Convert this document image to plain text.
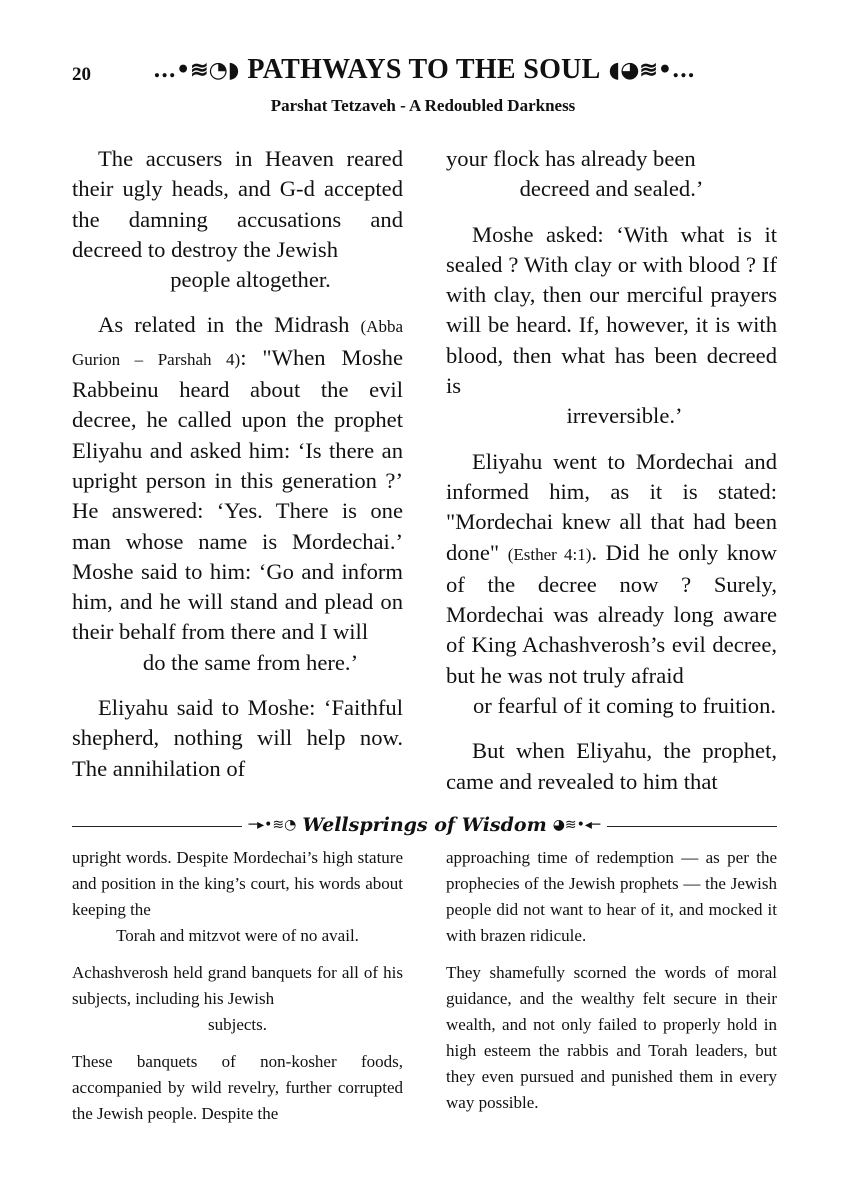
20	...•≋◔◗ PATHWAYS TO THE SOUL ◖◕≋•...
Parshat Tetzaveh - A Redoubled Darkness

The accusers in Heaven reared their ugly heads, and G-d accepted the damning accusations and decreed to destroy the Jewish

people altogether.

As related in the Midrash (Abba Gurion – Parshah 4): "When Moshe Rabbeinu heard about the evil decree, he called upon the prophet Eliyahu and asked him: ‘Is there an upright person in this generation ?’ He answered: ‘Yes. There is one man whose name is Mordechai.’ Moshe said to him: ‘Go and inform him, and he will stand and plead on their behalf from there and I will

do the same from here.’

Eliyahu said to Moshe: ‘Faithful shepherd, nothing will help now. The annihilation of

your flock has already been

decreed and sealed.’

Moshe asked: ‘With what is it sealed ? With clay or with blood ? If with clay, then our merciful prayers will be heard. If, however, it is with blood, then what has been decreed is

irreversible.’

Eliyahu went to Mordechai and informed him, as it is stated: "Mordechai knew all that had been done" (Esther 4:1). Did he only know of the decree now ? Surely, Mordechai was already long aware of King Achashverosh’s evil decree, but he was not truly afraid

or fearful of it coming to fruition.

But when Eliyahu, the prophet, came and revealed to him that

─▸•≋◔ Wellsprings of Wisdom ◕≋•◂─

upright words. Despite Mordechai’s high stature and position in the king’s court, his words about keeping the

Torah and mitzvot were of no avail.

Achashverosh held grand banquets for all of his subjects, including his Jewish

subjects.

These banquets of non-kosher foods, accompanied by wild revelry, further corrupted the Jewish people. Despite the

approaching time of redemption — as per the prophecies of the Jewish prophets — the Jewish people did not want to hear of it, and mocked it with brazen ridicule.

They shamefully scorned the words of moral guidance, and the wealthy felt secure in their wealth, and not only failed to properly hold in high esteem the rabbis and Torah leaders, but they even pursued and punished them in every way possible.
